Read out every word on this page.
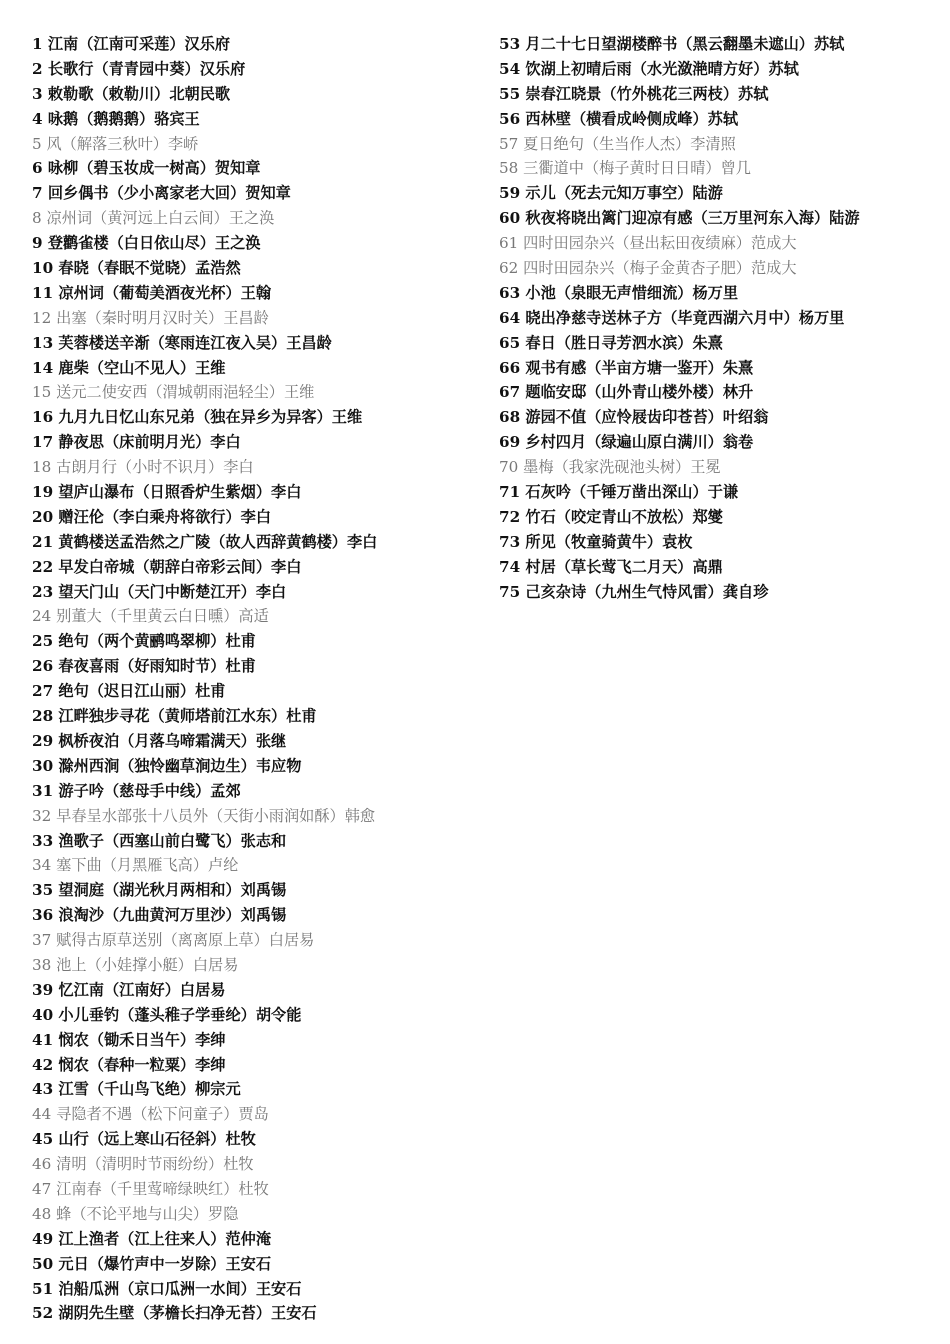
1 江南（江南可采莲）汉乐府
2 长歌行（青青园中葵）汉乐府
3 敕勒歌（敕勒川）北朝民歌
4 咏鹅（鹅鹅鹅）骆宾王
5 风（解落三秋叶）李峤
6 咏柳（碧玉妆成一树高）贺知章
7 回乡偶书（少小离家老大回）贺知章
8 凉州词（黄河远上白云间）王之涣
9 登鹳雀楼（白日依山尽）王之涣
10 春晓（春眠不觉晓）孟浩然
11 凉州词（葡萄美酒夜光杯）王翰
12 出塞（秦时明月汉时关）王昌龄
13 芙蓉楼送辛渐（寒雨连江夜入吴）王昌龄
14 鹿柴（空山不见人）王维
15 送元二使安西（渭城朝雨浥轻尘）王维
16 九月九日忆山东兄弟（独在异乡为异客）王维
17 静夜思（床前明月光）李白
18 古朗月行（小时不识月）李白
19 望庐山瀑布（日照香炉生紫烟）李白
20 赠汪伦（李白乘舟将欲行）李白
21 黄鹤楼送孟浩然之广陵（故人西辞黄鹤楼）李白
22 早发白帝城（朝辞白帝彩云间）李白
23 望天门山（天门中断楚江开）李白
24 别董大（千里黄云白日曛）高适
25 绝句（两个黄鹂鸣翠柳）杜甫
26 春夜喜雨（好雨知时节）杜甫
27 绝句（迟日江山丽）杜甫
28 江畔独步寻花（黄师塔前江水东）杜甫
29 枫桥夜泊（月落乌啼霜满天）张继
30 滁州西涧（独怜幽草涧边生）韦应物
31 游子吟（慈母手中线）孟郊
32 早春呈水部张十八员外（天街小雨润如酥）韩愈
33 渔歌子（西塞山前白鹭飞）张志和
34 塞下曲（月黑雁飞高）卢纶
35 望洞庭（湖光秋月两相和）刘禹锡
36 浪淘沙（九曲黄河万里沙）刘禹锡
37 赋得古原草送别（离离原上草）白居易
38 池上（小娃撑小艇）白居易
39 忆江南（江南好）白居易
40 小儿垂钓（蓬头稚子学垂纶）胡令能
41 悯农（锄禾日当午）李绅
42 悯农（春种一粒粟）李绅
43 江雪（千山鸟飞绝）柳宗元
44 寻隐者不遇（松下问童子）贾岛
45 山行（远上寒山石径斜）杜牧
46 清明（清明时节雨纷纷）杜牧
47 江南春（千里莺啼绿映红）杜牧
48 蜂（不论平地与山尖）罗隐
49 江上渔者（江上往来人）范仲淹
50 元日（爆竹声中一岁除）王安石
51 泊船瓜洲（京口瓜洲一水间）王安石
52 湖阴先生壁（茅檐长扫净无苔）王安石
53 月二十七日望湖楼醉书（黑云翻墨未遮山）苏轼
54 饮湖上初晴后雨（水光潋滟晴方好）苏轼
55 崇春江晓景（竹外桃花三两枝）苏轼
56 西林壁（横看成岭侧成峰）苏轼
57 夏日绝句（生当作人杰）李清照
58 三衢道中（梅子黄时日日晴）曾几
59 示儿（死去元知万事空）陆游
60 秋夜将晓出篱门迎凉有感（三万里河东入海）陆游
61 四时田园杂兴（昼出耘田夜绩麻）范成大
62 四时田园杂兴（梅子金黄杏子肥）范成大
63 小池（泉眼无声惜细流）杨万里
64 晓出净慈寺送林子方（毕竟西湖六月中）杨万里
65 春日（胜日寻芳泗水滨）朱熹
66 观书有感（半亩方塘一鉴开）朱熹
67 题临安邸（山外青山楼外楼）林升
68 游园不值（应怜屐齿印苍苔）叶绍翁
69 乡村四月（绿遍山原白满川）翁卷
70 墨梅（我家洗砚池头树）王冕
71 石灰吟（千锤万凿出深山）于谦
72 竹石（咬定青山不放松）郑燮
73 所见（牧童骑黄牛）袁枚
74 村居（草长莺飞二月天）高鼎
75 己亥杂诗（九州生气恃风雷）龚自珍
